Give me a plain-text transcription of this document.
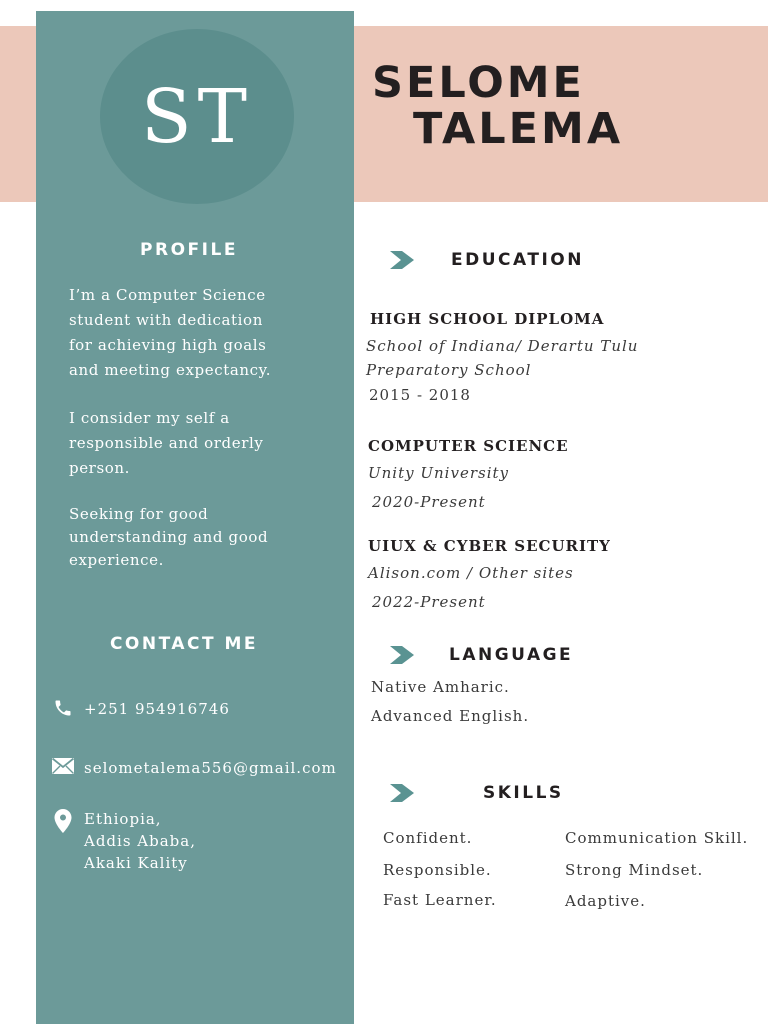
ST	SELOME
TALEMA
PROFILE

I’m a Computer Science student with dedication for achieving high goals and meeting expectancy.

I consider my self a responsible and orderly person.

Seeking for good understanding and good experience.

CONTACT ME
+251 954916746
selometalema556@gmail.com
Ethiopia,
Addis Ababa,
Akaki Kality
EDUCATION
HIGH SCHOOL DIPLOMA
School of Indiana/ Derartu Tulu
Preparatory School
2015 - 2018
COMPUTER SCIENCE
Unity University
2020-Present
UIUX & CYBER SECURITY
Alison.com / Other sites
2022-Present
LANGUAGE
Native Amharic.
Advanced English.
SKILLS
Confident.
Responsible.
Fast Learner.
Communication Skill.
Strong Mindset.
Adaptive.
